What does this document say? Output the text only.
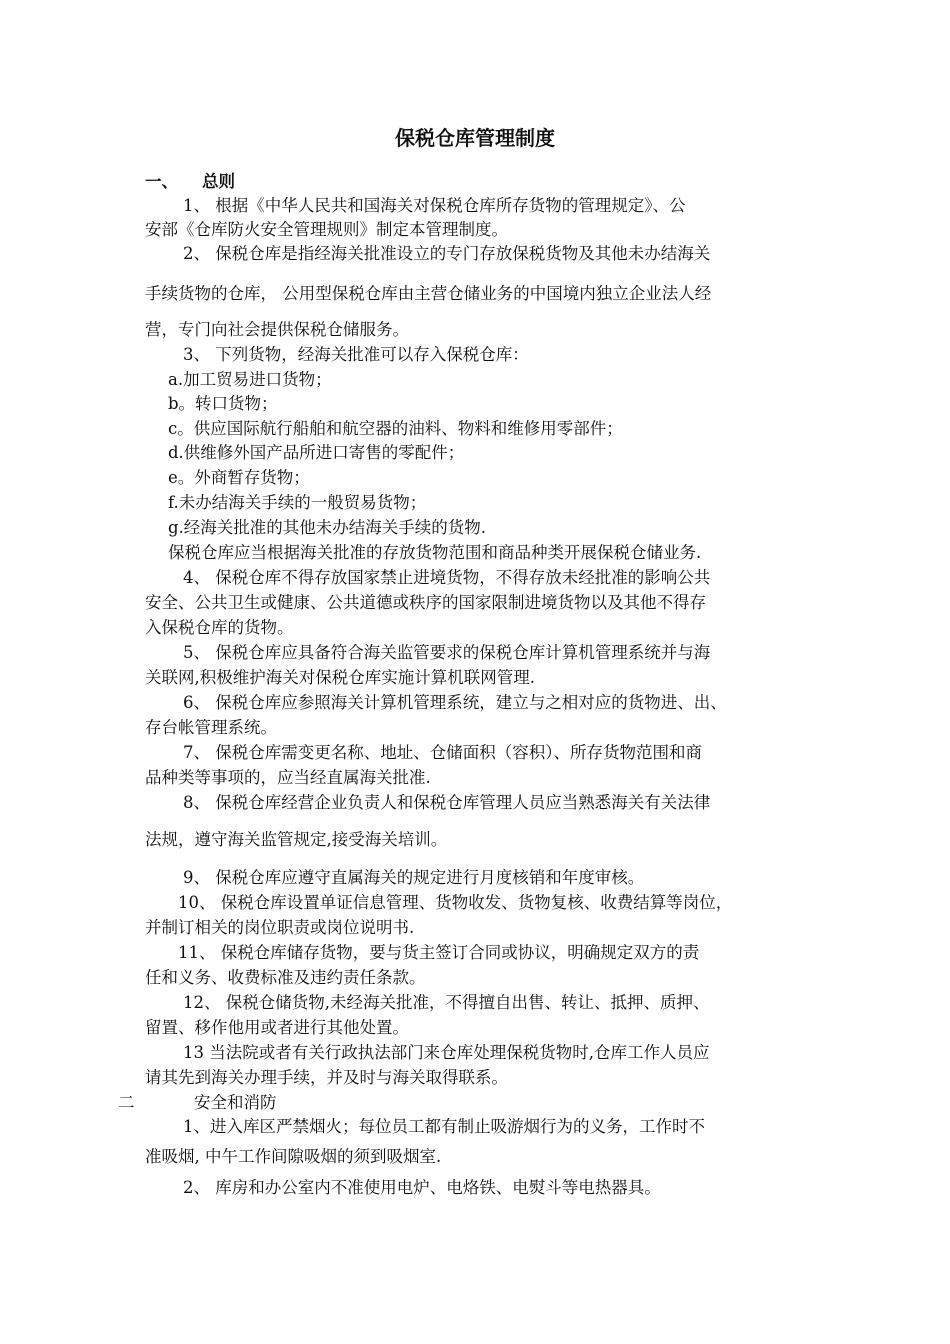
保税仓库管理制度
一、 总则
1、 根据《中华人民共和国海关对保税仓库所存货物的管理规定》、公
安部《仓库防火安全管理规则》制定本管理制度。
2、 保税仓库是指经海关批准设立的专门存放保税货物及其他未办结海关
手续货物的仓库， 公用型保税仓库由主营仓储业务的中国境内独立企业法人经
营，专门向社会提供保税仓储服务。
3、 下列货物，经海关批准可以存入保税仓库：
a.加工贸易进口货物；
b。转口货物；
c。供应国际航行船舶和航空器的油料、物料和维修用零部件；
d.供维修外国产品所进口寄售的零配件；
e。外商暂存货物；
f.未办结海关手续的一般贸易货物；
g.经海关批准的其他未办结海关手续的货物.
保税仓库应当根据海关批准的存放货物范围和商品种类开展保税仓储业务.
4、 保税仓库不得存放国家禁止进境货物，不得存放未经批准的影响公共
安全、公共卫生或健康、公共道德或秩序的国家限制进境货物以及其他不得存
入保税仓库的货物。
5、 保税仓库应具备符合海关监管要求的保税仓库计算机管理系统并与海
关联网,积极维护海关对保税仓库实施计算机联网管理.
6、 保税仓库应参照海关计算机管理系统，建立与之相对应的货物进、出、
存台帐管理系统。
7、 保税仓库需变更名称、地址、仓储面积（容积）、所存货物范围和商
品种类等事项的，应当经直属海关批准.
8、 保税仓库经营企业负责人和保税仓库管理人员应当熟悉海关有关法律
法规，遵守海关监管规定,接受海关培训。
9、 保税仓库应遵守直属海关的规定进行月度核销和年度审核。
10、 保税仓库设置单证信息管理、货物收发、货物复核、收费结算等岗位，
并制订相关的岗位职责或岗位说明书.
11、 保税仓库储存货物，要与货主签订合同或协议，明确规定双方的责
任和义务、收费标准及违约责任条款。
12、 保税仓储货物,未经海关批准，不得擅自出售、转让、抵押、质押、
留置、移作他用或者进行其他处置。
13 当法院或者有关行政执法部门来仓库处理保税货物时,仓库工作人员应
请其先到海关办理手续，并及时与海关取得联系。
二	安全和消防
1、进入库区严禁烟火；每位员工都有制止吸游烟行为的义务，工作时不
准吸烟, 中午工作间隙吸烟的须到吸烟室.
2、 库房和办公室内不准使用电炉、电烙铁、电熨斗等电热器具。
